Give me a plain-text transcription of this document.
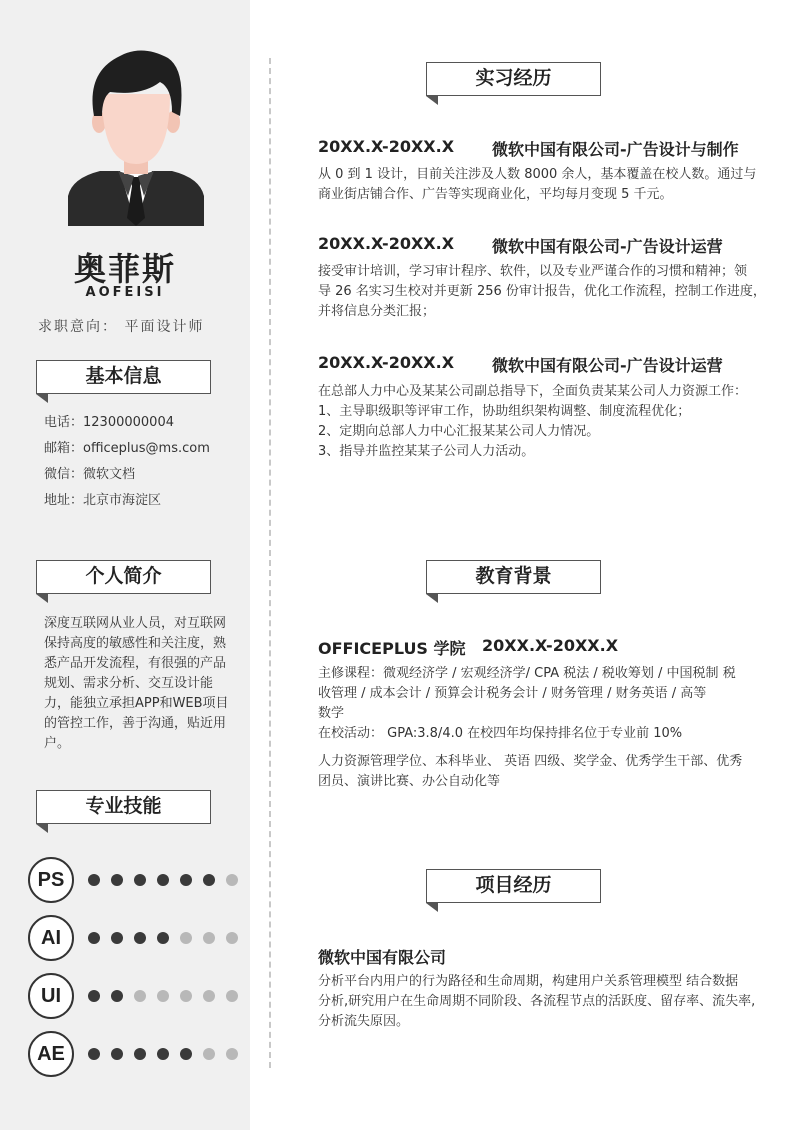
奥菲斯
AOFEISI
求职意向： 平面设计师
基本信息
电话：12300000004
邮箱：officeplus@ms.com
微信：微软文档
地址：北京市海淀区
个人简介
深度互联网从业人员，对互联网保持高度的敏感性和关注度，熟悉产品开发流程，有很强的产品规划、需求分析、交互设计能力，能独立承担APP和WEB项目的管控工作，善于沟通，贴近用户。
专业技能
PS
AI
UI
AE
实习经历
20XX.X-20XX.X 微软中国有限公司-广告设计与制作
从 0 到 1 设计，目前关注涉及人数 8000 余人，基本覆盖在校人数。通过与
商业街店铺合作、广告等实现商业化，平均每月变现 5 千元。
20XX.X-20XX.X 微软中国有限公司-广告设计运营
接受审计培训，学习审计程序、软件，以及专业严谨合作的习惯和精神；领
导 26 名实习生校对并更新 256 份审计报告，优化工作流程，控制工作进度，
并将信息分类汇报；
20XX.X-20XX.X 微软中国有限公司-广告设计运营
在总部人力中心及某某公司副总指导下，全面负责某某公司人力资源工作：
1、主导职级职等评审工作，协助组织架构调整、制度流程优化；
2、定期向总部人力中心汇报某某公司人力情况。
3、指导并监控某某子公司人力活动。
教育背景
OFFICEPLUS 学院 20XX.X-20XX.X
主修课程：微观经济学 / 宏观经济学/ CPA 税法 / 税收筹划 / 中国税制 税
收管理 / 成本会计 / 预算会计税务会计 / 财务管理 / 财务英语 / 高等
数学
在校活动： GPA:3.8/4.0 在校四年均保持排名位于专业前 10%
人力资源管理学位、本科毕业、 英语 四级、奖学金、优秀学生干部、优秀
团员、演讲比赛、办公自动化等
项目经历
微软中国有限公司
分析平台内用户的行为路径和生命周期，构建用户关系管理模型 结合数据
分析,研究用户在生命周期不同阶段、各流程节点的活跃度、留存率、流失率,
分析流失原因。
